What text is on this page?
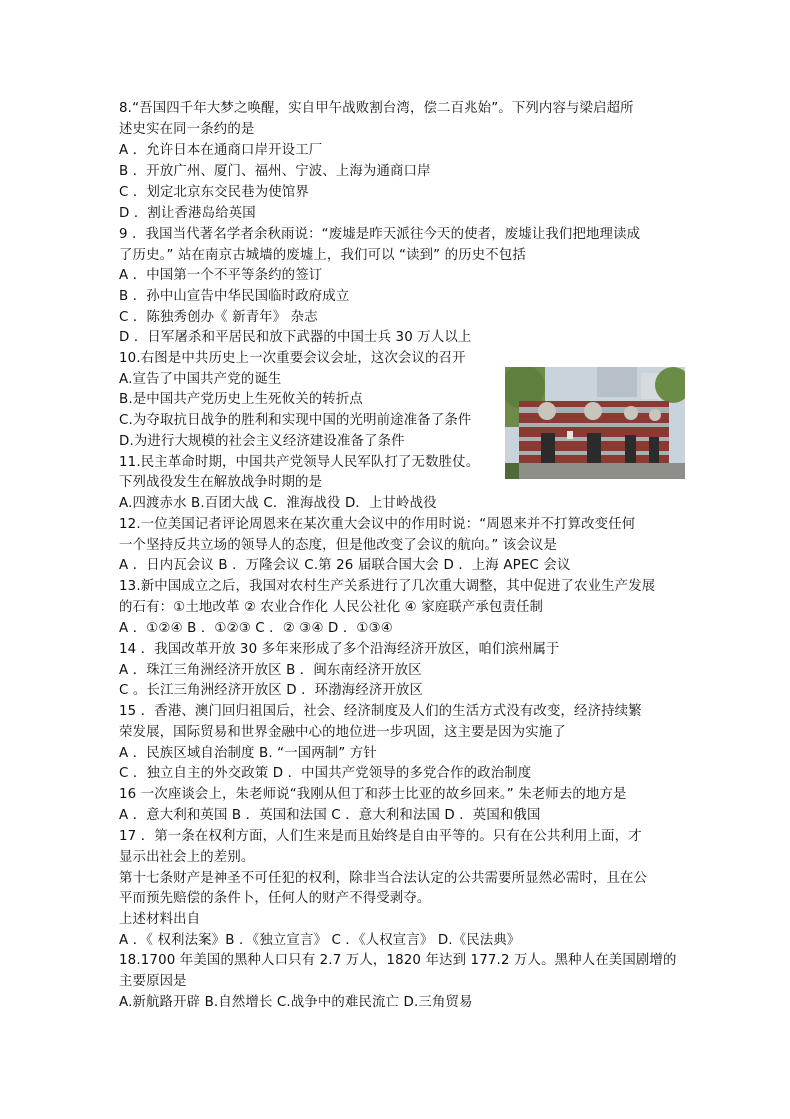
8.“吾国四千年大梦之唤醒，实自甲午战败割台湾，偿二百兆始”。下列内容与梁启超所
述史实在同一条约的是
A ．允许日本在通商口岸开设工厂
B ．开放广州、厦门、福州、宁波、上海为通商口岸
C ．划定北京东交民巷为使馆界
D ．割让香港岛给英国
9 ．我国当代著名学者余秋雨说：“废墟是昨天派往今天的使者，废墟让我们把地理读成
了历史。” 站在南京古城墙的废墟上，我们可以 “读到” 的历史不包括
A ．中国第一个不平等条约的签订
B ．孙中山宣告中华民国临时政府成立
C ．陈独秀创办《 新青年》 杂志
D ．日军屠杀和平居民和放下武器的中国士兵 30 万人以上
10.右图是中共历史上一次重要会议会址，这次会议的召开
A.宣告了中国共产党的诞生
B.是中国共产党历史上生死攸关的转折点
C.为夺取抗日战争的胜利和实现中国的光明前途准备了条件
D.为进行大规模的社会主义经济建设准备了条件
11.民主革命时期，中国共产党领导人民军队打了无数胜仗。
下列战役发生在解放战争时期的是
A.四渡赤水 B.百团大战 C．淮海战役 D．上甘岭战役
12.一位美国记者评论周恩来在某次重大会议中的作用时说：“周恩来并不打算改变任何
一个坚持反共立场的领导人的态度，但是他改变了会议的航向。” 该会议是
A ．日内瓦会议 B ．万隆会议 C.第 26 届联合国大会 D ．上海 APEC 会议
13.新中国成立之后，我国对农村生产关系进行了几次重大调整，其中促进了农业生产发展
的石有：①土地改革 ② 农业合作化 人民公社化 ④ 家庭联产承包责任制
A ．①②④ B ．①②③ C ．② ③④ D ．①③④
14 ．我国改革开放 30 多年来形成了多个沿海经济开放区，咱们滨州属于
A ．珠江三角洲经济开放区 B ．闽东南经济开放区
C 。长江三角洲经济开放区 D ．环渤海经济开放区
15 ．香港、澳门回归祖国后，社会、经济制度及人们的生活方式没有改变，经济持续繁
荣发展，国际贸易和世界金融中心的地位进一步巩固，这主要是因为实施了
A ．民族区域自治制度 B. “一国两制” 方针
C ．独立自主的外交政策 D ．中国共产党领导的多党合作的政治制度
16 一次座谈会上，朱老师说“我刚从但丁和莎士比亚的故乡回来。” 朱老师去的地方是
A ．意大利和英国 B ．英国和法国 C ．意大利和法国 D ．英国和俄国
17 ．第一条在权利方面，人们生来是而且始终是自由平等的。只有在公共利用上面，才
显示出社会上的差别。
第十七条财产是神圣不可任犯的权利，除非当合法认定的公共需要所显然必需时，且在公
平而预先赔偿的条件卜，任何人的财产不得受剥夺。
上述材料出自
A ．《 权利法案》B ．《独立宣言》 C ．《人权宣言》 D.《民法典》
18.1700 年美国的黑种人口只有 2.7 万人，1820 年达到 177.2 万人。黑种人在美国剧增的
主要原因是
A.新航路开辟 B.自然增长 C.战争中的难民流亡 D.三角贸易
